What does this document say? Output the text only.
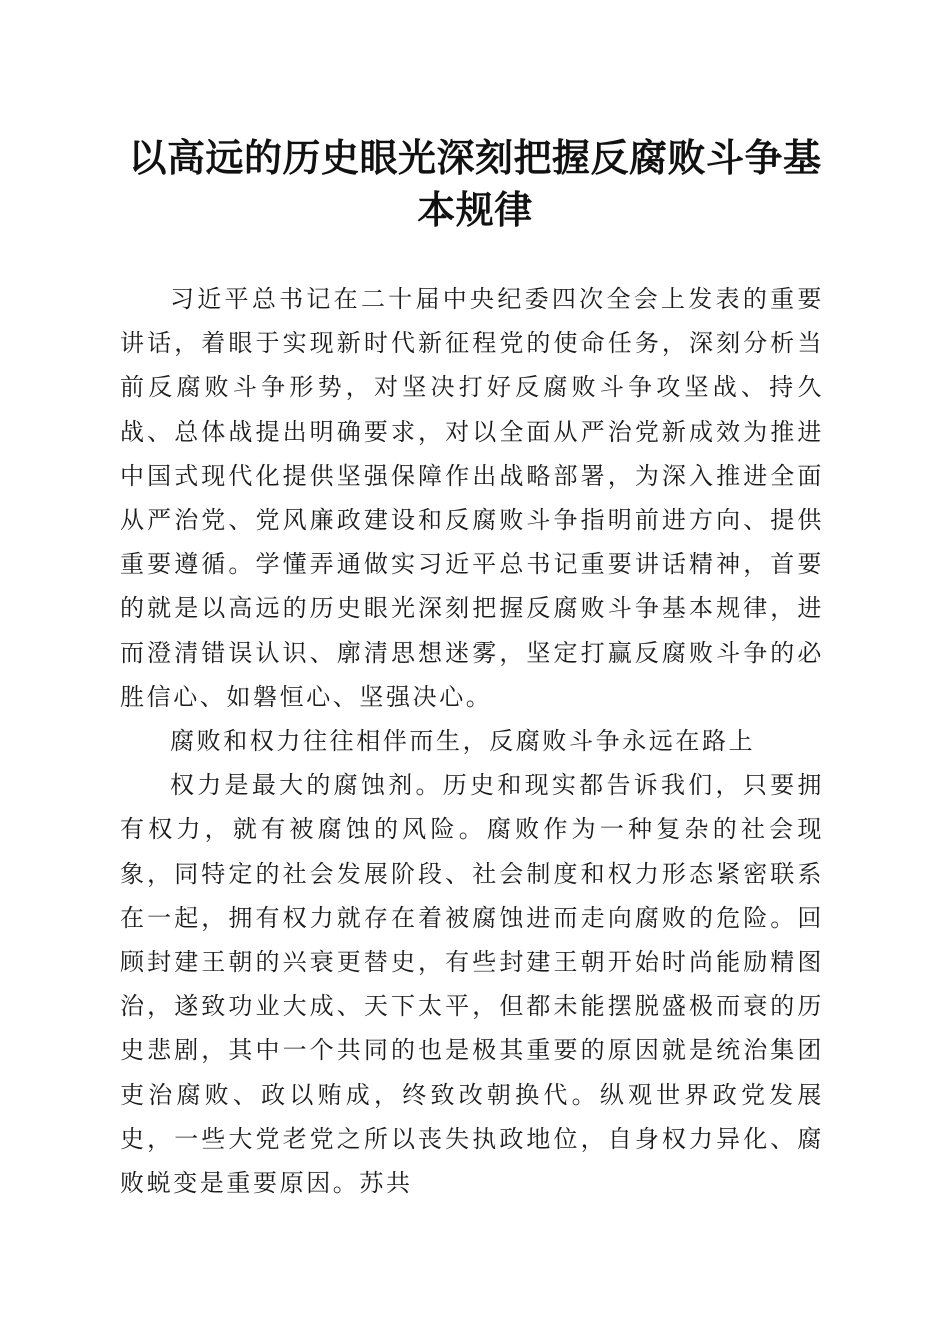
以高远的历史眼光深刻把握反腐败斗争基本规律

习近平总书记在二十届中央纪委四次全会上发表的重要讲话，着眼于实现新时代新征程党的使命任务，深刻分析当前反腐败斗争形势，对坚决打好反腐败斗争攻坚战、持久战、总体战提出明确要求，对以全面从严治党新成效为推进中国式现代化提供坚强保障作出战略部署，为深入推进全面从严治党、党风廉政建设和反腐败斗争指明前进方向、提供重要遵循。学懂弄通做实习近平总书记重要讲话精神，首要的就是以高远的历史眼光深刻把握反腐败斗争基本规律，进而澄清错误认识、廓清思想迷雾，坚定打赢反腐败斗争的必胜信心、如磐恒心、坚强决心。

腐败和权力往往相伴而生，反腐败斗争永远在路上

权力是最大的腐蚀剂。历史和现实都告诉我们，只要拥有权力，就有被腐蚀的风险。腐败作为一种复杂的社会现象，同特定的社会发展阶段、社会制度和权力形态紧密联系在一起，拥有权力就存在着被腐蚀进而走向腐败的危险。回顾封建王朝的兴衰更替史，有些封建王朝开始时尚能励精图治，遂致功业大成、天下太平，但都未能摆脱盛极而衰的历史悲剧，其中一个共同的也是极其重要的原因就是统治集团吏治腐败、政以贿成，终致改朝换代。纵观世界政党发展史，一些大党老党之所以丧失执政地位，自身权力异化、腐败蜕变是重要原因。苏共
